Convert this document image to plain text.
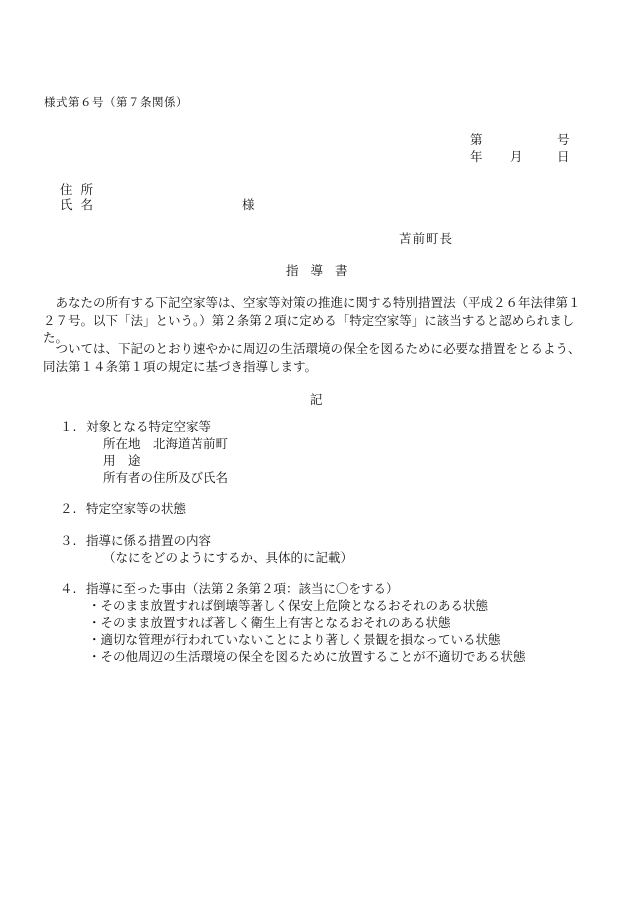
様式第６号（第７条関係）
第	号
年 月	日
住 所
氏 名	様
苫前町長
指導書
あなたの所有する下記空家等は、空家等対策の推進に関する特別措置法（平成２６年法律第１２７号。以下「法」という。）第２条第２項に定める「特定空家等」に該当すると認められました。
ついては、下記のとおり速やかに周辺の生活環境の保全を図るために必要な措置をとるよう、同法第１４条第１項の規定に基づき指導します。
記
１. 対象となる特定空家等
所在地　北海道苫前町
用　途
所有者の住所及び氏名
２. 特定空家等の状態
３. 指導に係る措置の内容
（なにをどのようにするか、具体的に記載）
４. 指導に至った事由（法第２条第２項：該当に〇をする）
・そのまま放置すれば倒壊等著しく保安上危険となるおそれのある状態
・そのまま放置すれば著しく衛生上有害となるおそれのある状態
・適切な管理が行われていないことにより著しく景観を損なっている状態
・その他周辺の生活環境の保全を図るために放置することが不適切である状態
